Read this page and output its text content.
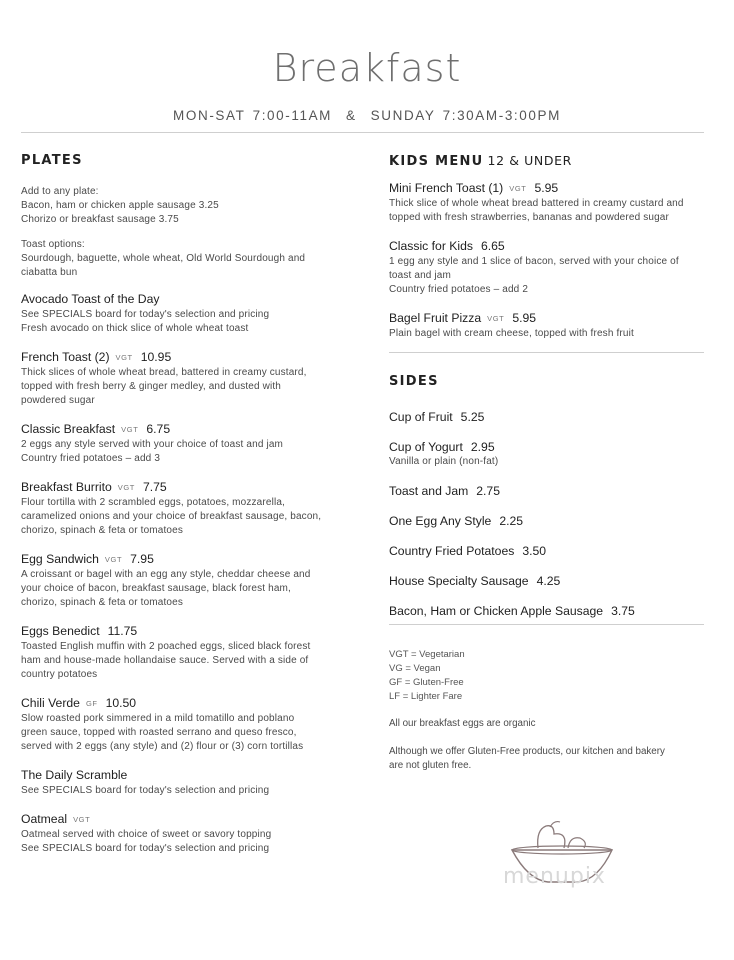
Breakfast
MON-SAT 7:00-11AM & SUNDAY 7:30AM-3:00PM
PLATES
Add to any plate:
Bacon, ham or chicken apple sausage 3.25
Chorizo or breakfast sausage 3.75
Toast options:
Sourdough, baguette, whole wheat, Old World Sourdough and
ciabatta bun
Avocado Toast of the Day
See SPECIALS board for today's selection and pricing
Fresh avocado on thick slice of whole wheat toast
French Toast (2) VGT 10.95
Thick slices of whole wheat bread, battered in creamy custard,
topped with fresh berry & ginger medley, and dusted with
powdered sugar
Classic Breakfast VGT 6.75
2 eggs any style served with your choice of toast and jam
Country fried potatoes – add 3
Breakfast Burrito VGT 7.75
Flour tortilla with 2 scrambled eggs, potatoes, mozzarella,
caramelized onions and your choice of breakfast sausage, bacon,
chorizo, spinach & feta or tomatoes
Egg Sandwich VGT 7.95
A croissant or bagel with an egg any style, cheddar cheese and
your choice of bacon, breakfast sausage, black forest ham,
chorizo, spinach & feta or tomatoes
Eggs Benedict 11.75
Toasted English muffin with 2 poached eggs, sliced black forest
ham and house-made hollandaise sauce. Served with a side of
country potatoes
Chili Verde GF 10.50
Slow roasted pork simmered in a mild tomatillo and poblano
green sauce, topped with roasted serrano and queso fresco,
served with 2 eggs (any style) and (2) flour or (3) corn tortillas
The Daily Scramble
See SPECIALS board for today's selection and pricing
Oatmeal VGT
Oatmeal served with choice of sweet or savory topping
See SPECIALS board for today's selection and pricing
KIDS MENU 12 & UNDER
Mini French Toast (1) VGT 5.95
Thick slice of whole wheat bread battered in creamy custard and
topped with fresh strawberries, bananas and powdered sugar
Classic for Kids 6.65
1 egg any style and 1 slice of bacon, served with your choice of
toast and jam
Country fried potatoes – add 2
Bagel Fruit Pizza VGT 5.95
Plain bagel with cream cheese, topped with fresh fruit
SIDES
Cup of Fruit 5.25
Cup of Yogurt 2.95
Vanilla or plain (non-fat)
Toast and Jam 2.75
One Egg Any Style 2.25
Country Fried Potatoes 3.50
House Specialty Sausage 4.25
Bacon, Ham or Chicken Apple Sausage 3.75
VGT = Vegetarian
VG = Vegan
GF = Gluten-Free
LF = Lighter Fare
All our breakfast eggs are organic
Although we offer Gluten-Free products, our kitchen and bakery
are not gluten free.
menupix
